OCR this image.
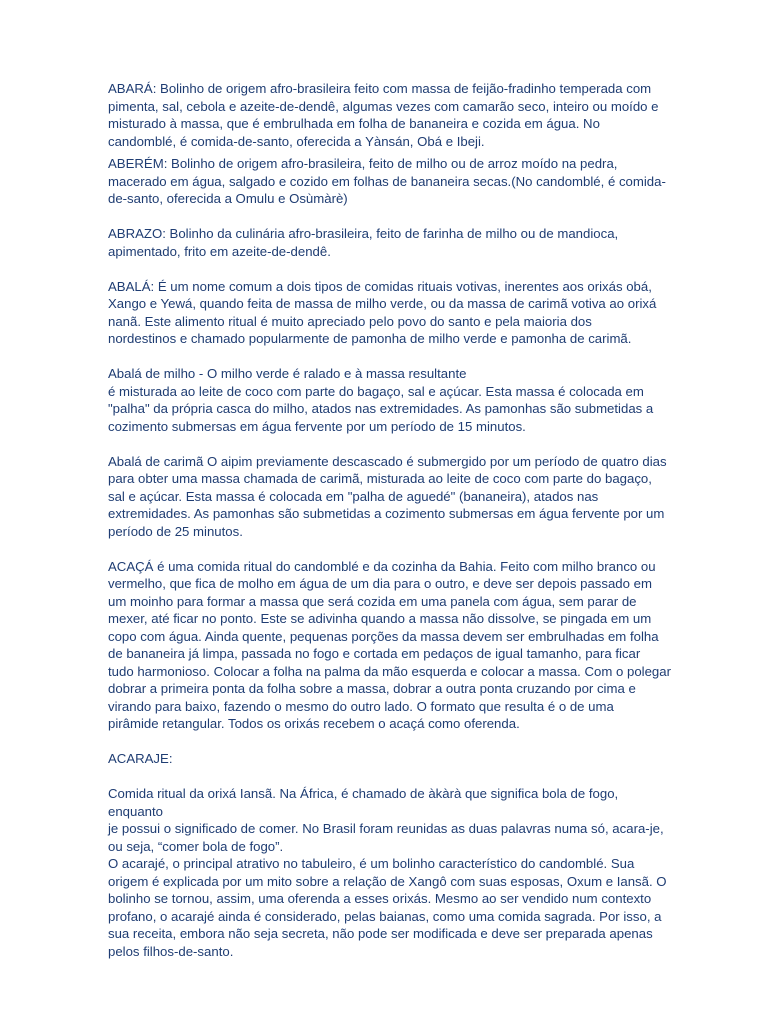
ABARÁ: Bolinho de origem afro-brasileira feito com massa de feijão-fradinho temperada com
pimenta, sal, cebola e azeite-de-dendê, algumas vezes com camarão seco, inteiro ou moído e
misturado à massa, que é embrulhada em folha de bananeira e cozida em água. No
candomblé, é comida-de-santo, oferecida a Yànsán, Obá e Ibeji.
ABERÉM: Bolinho de origem afro-brasileira, feito de milho ou de arroz moído na pedra,
macerado em água, salgado e cozido em folhas de bananeira secas.(No candomblé, é comida-
de-santo, oferecida a Omulu e Osùmàrè)
ABRAZO: Bolinho da culinária afro-brasileira, feito de farinha de milho ou de mandioca,
apimentado, frito em azeite-de-dendê.
ABALÁ: É um nome comum a dois tipos de comidas rituais votivas, inerentes aos orixás obá,
Xango e Yewá, quando feita de massa de milho verde, ou da massa de carimã votiva ao orixá
nanã. Este alimento ritual é muito apreciado pelo povo do santo e pela maioria dos
nordestinos e chamado popularmente de pamonha de milho verde e pamonha de carimã.
Abalá de milho - O milho verde é ralado e à massa resultante
é misturada ao leite de coco com parte do bagaço, sal e açúcar. Esta massa é colocada em
"palha" da própria casca do milho, atados nas extremidades. As pamonhas são submetidas a
cozimento submersas em água fervente por um período de 15 minutos.
Abalá de carimã O aipim previamente descascado é submergido por um período de quatro dias
para obter uma massa chamada de carimã, misturada ao leite de coco com parte do bagaço,
sal e açúcar. Esta massa é colocada em "palha de aguedé" (bananeira), atados nas
extremidades. As pamonhas são submetidas a cozimento submersas em água fervente por um
período de 25 minutos.
ACAÇÁ é uma comida ritual do candomblé e da cozinha da Bahia. Feito com milho branco ou
vermelho, que fica de molho em água de um dia para o outro, e deve ser depois passado em
um moinho para formar a massa que será cozida em uma panela com água, sem parar de
mexer, até ficar no ponto. Este se adivinha quando a massa não dissolve, se pingada em um
copo com água. Ainda quente, pequenas porções da massa devem ser embrulhadas em folha
de bananeira já limpa, passada no fogo e cortada em pedaços de igual tamanho, para ficar
tudo harmonioso. Colocar a folha na palma da mão esquerda e colocar a massa. Com o polegar
dobrar a primeira ponta da folha sobre a massa, dobrar a outra ponta cruzando por cima e
virando para baixo, fazendo o mesmo do outro lado. O formato que resulta é o de uma
pirâmide retangular. Todos os orixás recebem o acaçá como oferenda.
ACARAJE:
Comida ritual da orixá Iansã. Na África, é chamado de àkàrà que significa bola de fogo,
enquanto
je possui o significado de comer. No Brasil foram reunidas as duas palavras numa só, acara-je,
ou seja, “comer bola de fogo”.
O acarajé, o principal atrativo no tabuleiro, é um bolinho característico do candomblé. Sua
origem é explicada por um mito sobre a relação de Xangô com suas esposas, Oxum e Iansã. O
bolinho se tornou, assim, uma oferenda a esses orixás. Mesmo ao ser vendido num contexto
profano, o acarajé ainda é considerado, pelas baianas, como uma comida sagrada. Por isso, a
sua receita, embora não seja secreta, não pode ser modificada e deve ser preparada apenas
pelos filhos-de-santo.
